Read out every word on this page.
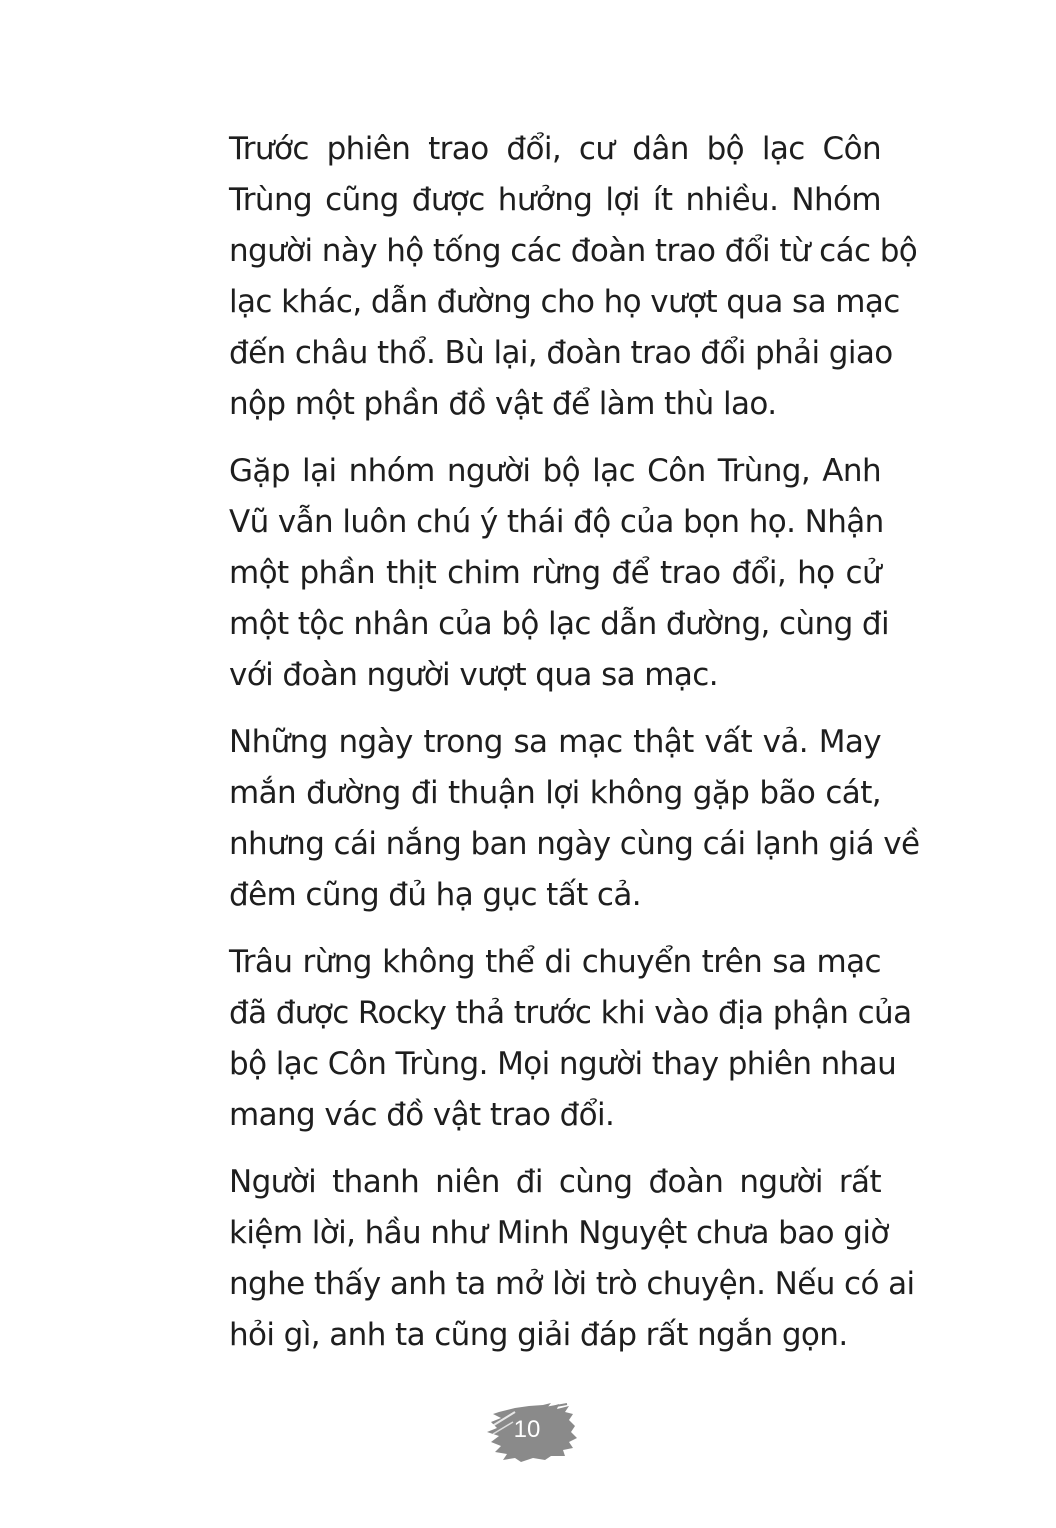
Trước phiên trao đổi, cư dân bộ lạc Côn
Trùng cũng được hưởng lợi ít nhiều. Nhóm
người này hộ tống các đoàn trao đổi từ các bộ
lạc khác, dẫn đường cho họ vượt qua sa mạc
đến châu thổ. Bù lại, đoàn trao đổi phải giao
nộp một phần đồ vật để làm thù lao.

Gặp lại nhóm người bộ lạc Côn Trùng, Anh
Vũ vẫn luôn chú ý thái độ của bọn họ. Nhận
một phần thịt chim rừng để trao đổi, họ cử
một tộc nhân của bộ lạc dẫn đường, cùng đi
với đoàn người vượt qua sa mạc.

Những ngày trong sa mạc thật vất vả. May
mắn đường đi thuận lợi không gặp bão cát,
nhưng cái nắng ban ngày cùng cái lạnh giá về
đêm cũng đủ hạ gục tất cả.

Trâu rừng không thể di chuyển trên sa mạc
đã được Rocky thả trước khi vào địa phận của
bộ lạc Côn Trùng. Mọi người thay phiên nhau
mang vác đồ vật trao đổi.

Người thanh niên đi cùng đoàn người rất
kiệm lời, hầu như Minh Nguyệt chưa bao giờ
nghe thấy anh ta mở lời trò chuyện. Nếu có ai
hỏi gì, anh ta cũng giải đáp rất ngắn gọn.

10
